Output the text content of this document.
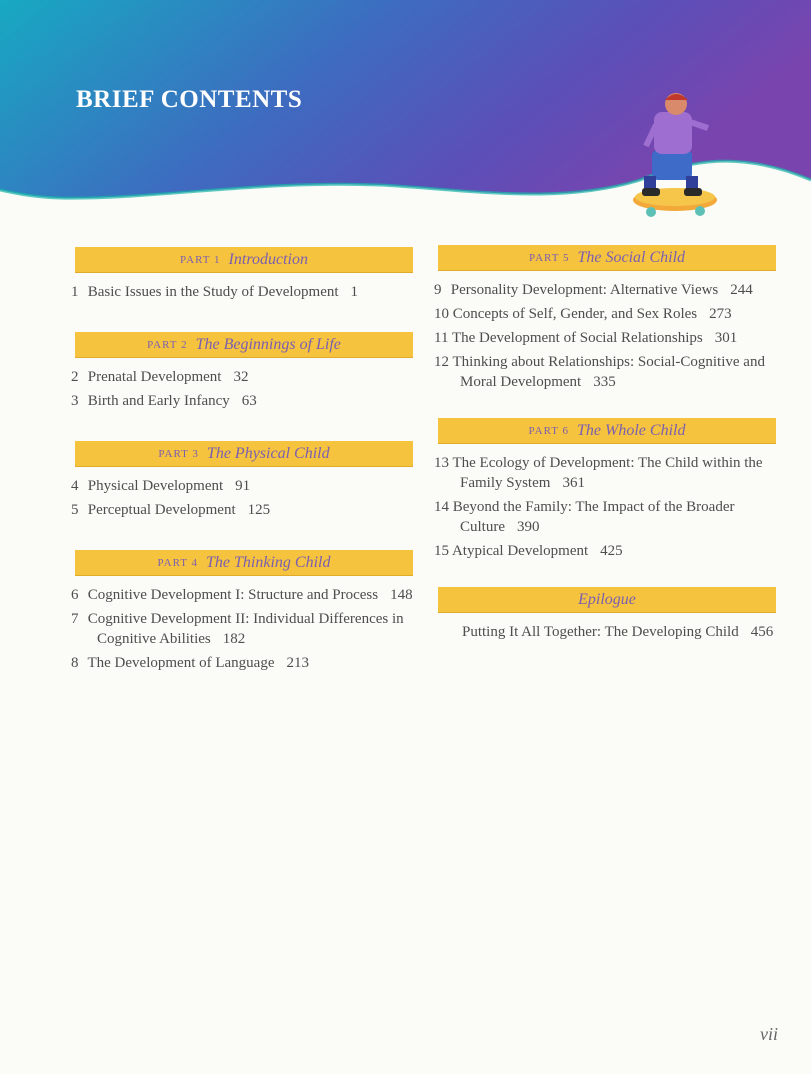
BRIEF CONTENTS
PART 1 Introduction
1 Basic Issues in the Study of Development 1
PART 2 The Beginnings of Life
2 Prenatal Development 32
3 Birth and Early Infancy 63
PART 3 The Physical Child
4 Physical Development 91
5 Perceptual Development 125
PART 4 The Thinking Child
6 Cognitive Development I: Structure and Process 148
7 Cognitive Development II: Individual Differences in Cognitive Abilities 182
8 The Development of Language 213
PART 5 The Social Child
9 Personality Development: Alternative Views 244
10 Concepts of Self, Gender, and Sex Roles 273
11 The Development of Social Relationships 301
12 Thinking about Relationships: Social-Cognitive and Moral Development 335
PART 6 The Whole Child
13 The Ecology of Development: The Child within the Family System 361
14 Beyond the Family: The Impact of the Broader Culture 390
15 Atypical Development 425
Epilogue
Putting It All Together: The Developing Child 456
vii
